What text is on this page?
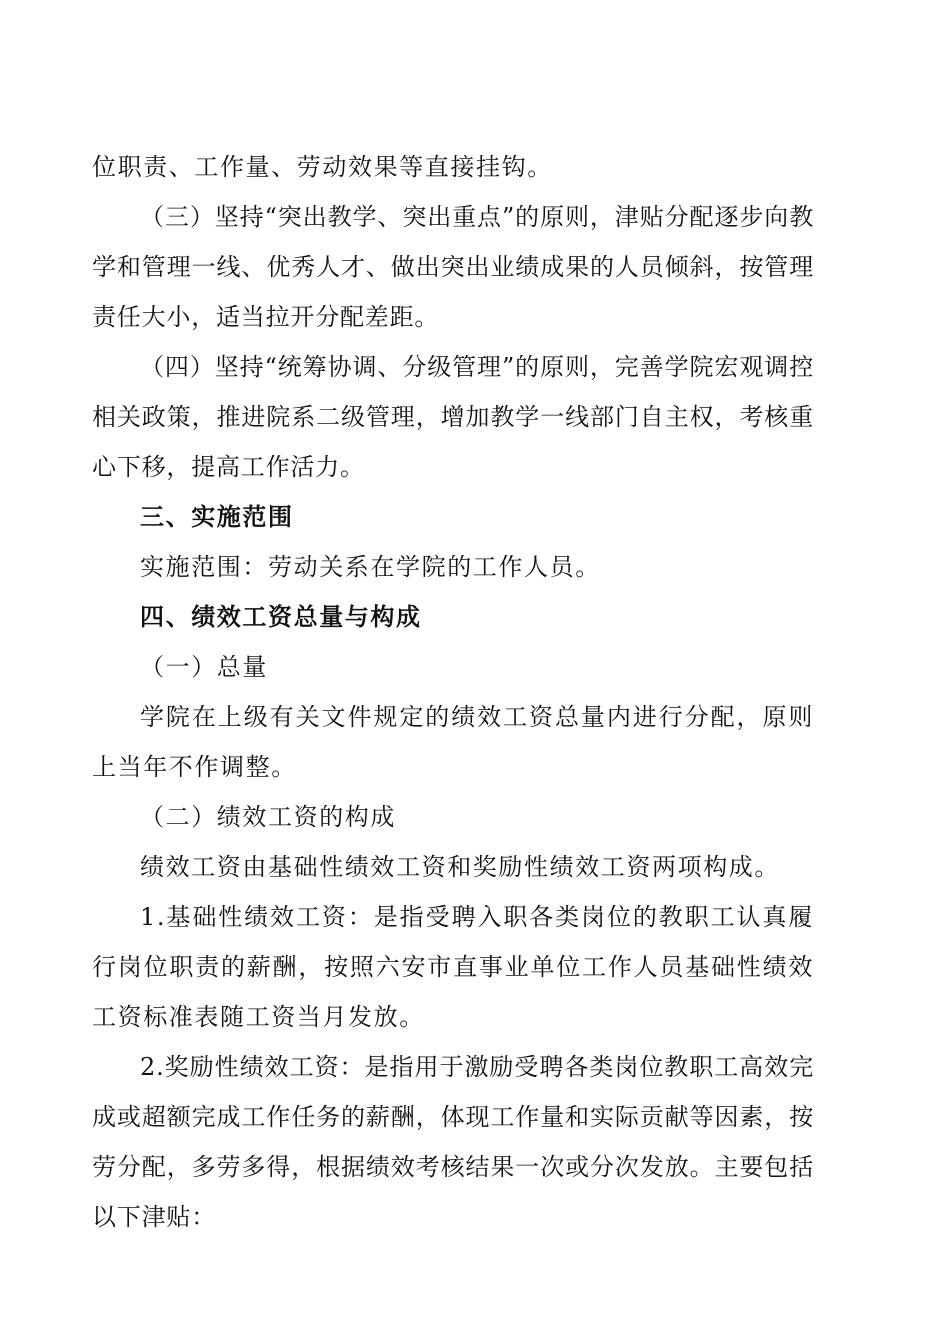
位职责、工作量、劳动效果等直接挂钩。

（三）坚持“突出教学、突出重点”的原则，津贴分配逐步向教学和管理一线、优秀人才、做出突出业绩成果的人员倾斜，按管理责任大小，适当拉开分配差距。

（四）坚持“统筹协调、分级管理”的原则，完善学院宏观调控相关政策，推进院系二级管理，增加教学一线部门自主权，考核重心下移，提高工作活力。

三、实施范围

实施范围：劳动关系在学院的工作人员。

四、绩效工资总量与构成

（一）总量

学院在上级有关文件规定的绩效工资总量内进行分配，原则上当年不作调整。

（二）绩效工资的构成

绩效工资由基础性绩效工资和奖励性绩效工资两项构成。

1.基础性绩效工资：是指受聘入职各类岗位的教职工认真履行岗位职责的薪酬，按照六安市直事业单位工作人员基础性绩效工资标准表随工资当月发放。

2.奖励性绩效工资：是指用于激励受聘各类岗位教职工高效完成或超额完成工作任务的薪酬，体现工作量和实际贡献等因素，按劳分配，多劳多得，根据绩效考核结果一次或分次发放。主要包括以下津贴：
